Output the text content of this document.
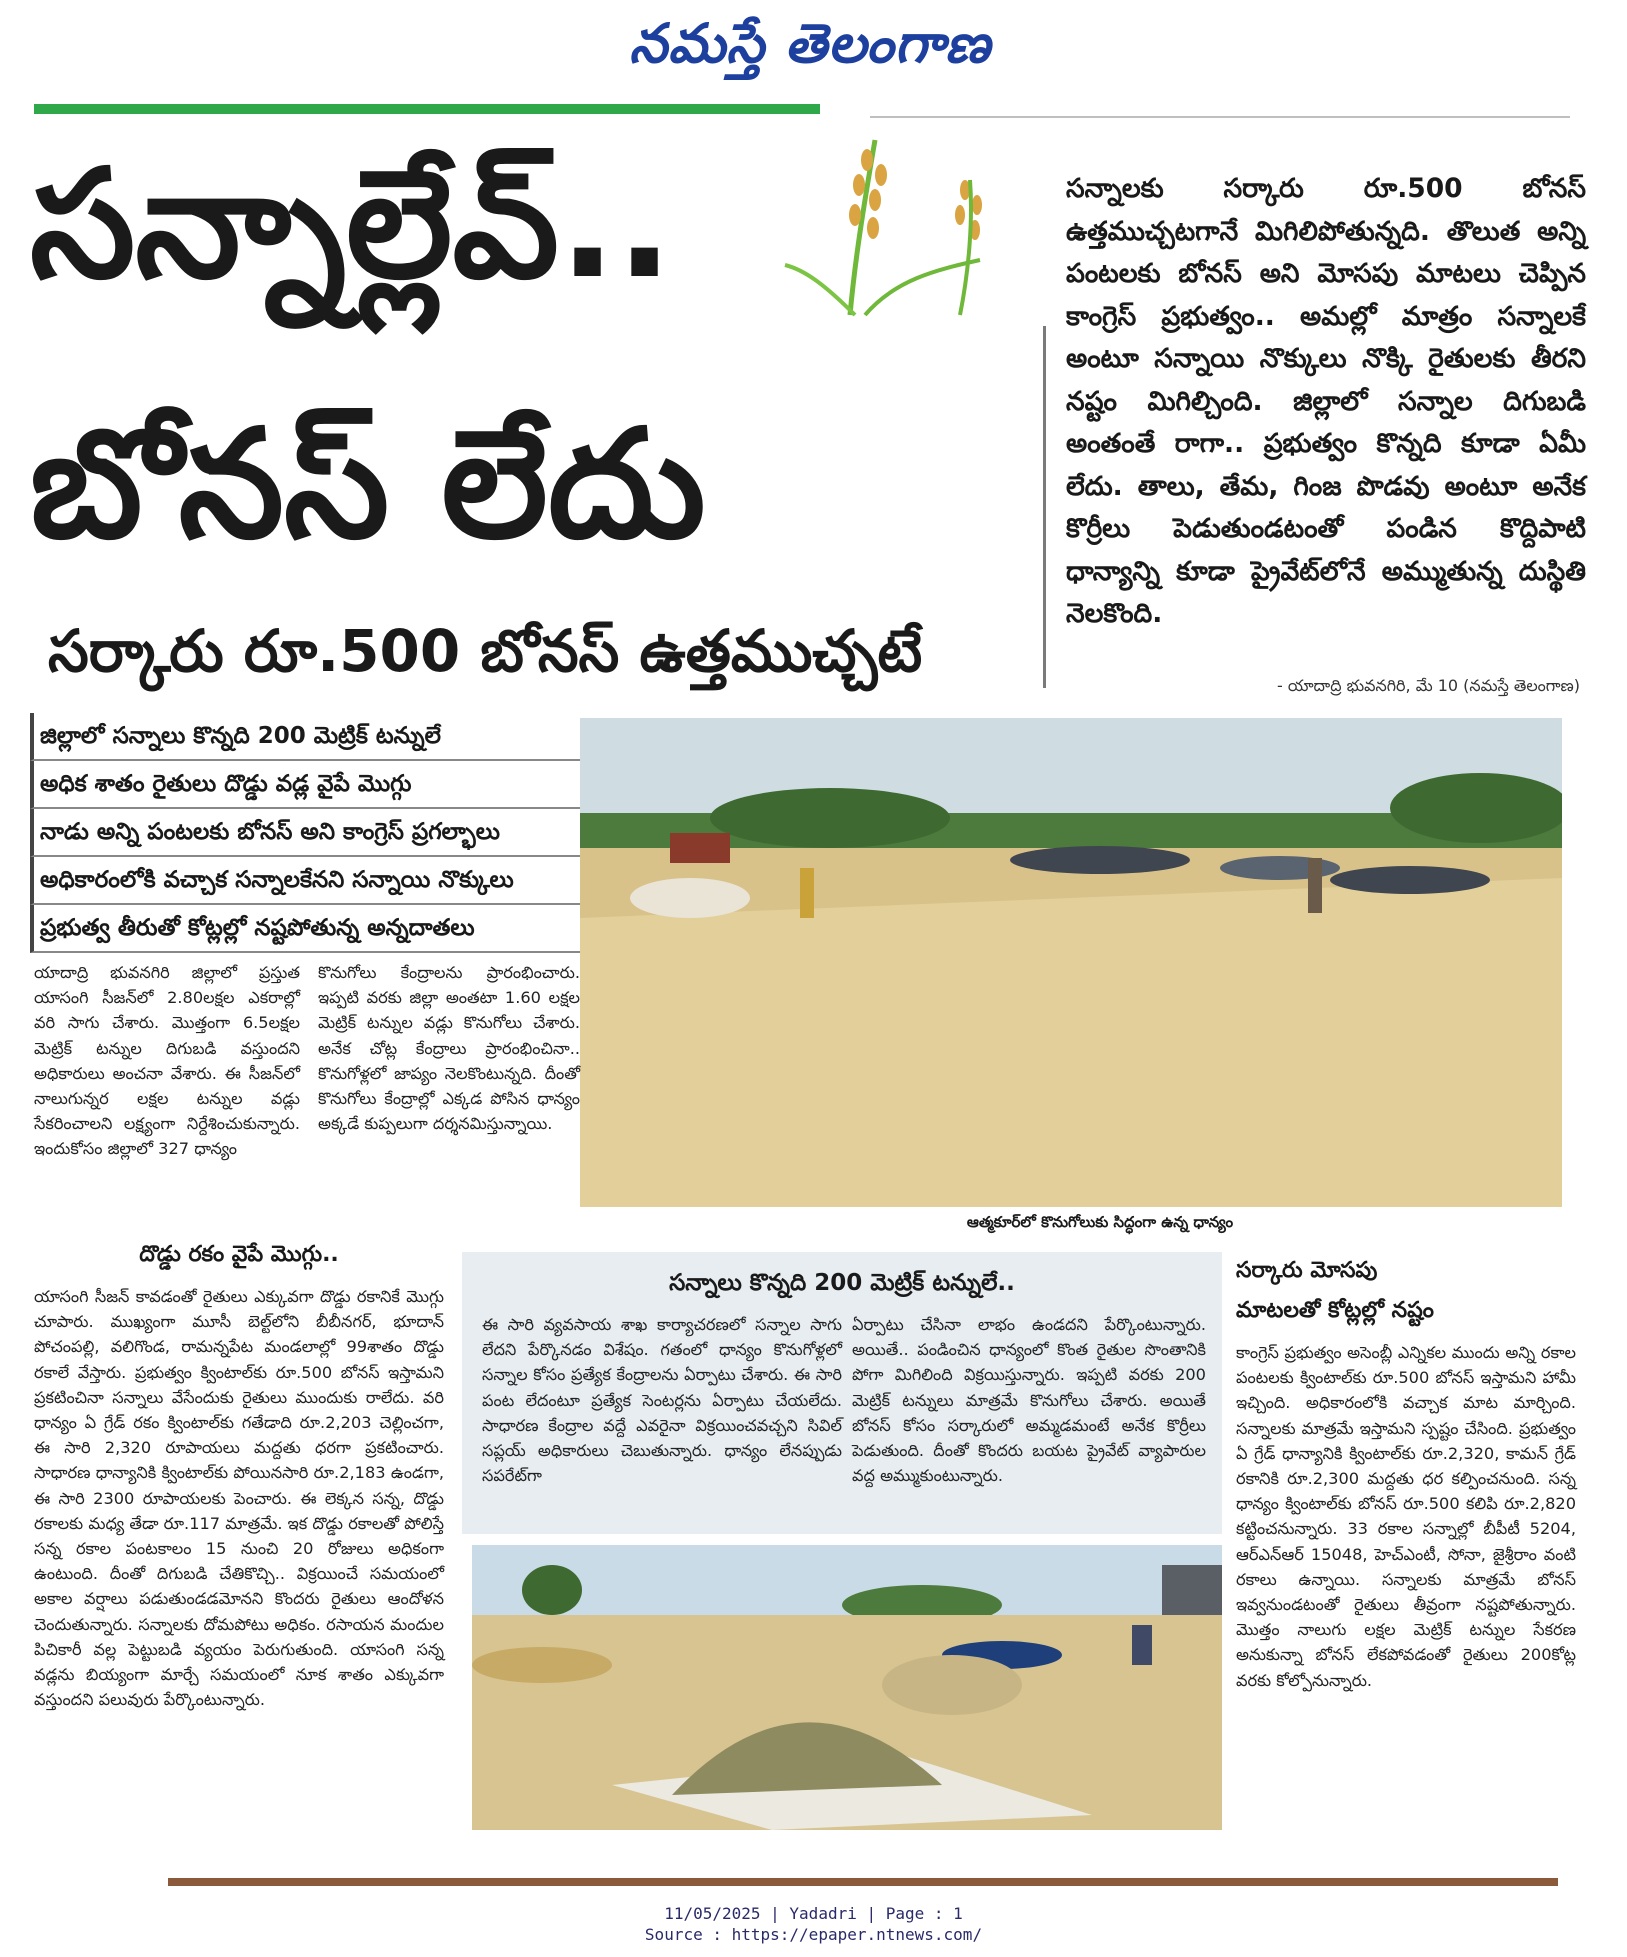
నమస్తే తెలంగాణ
సన్నాల్లేవ్..
బోనస్ లేదు
సర్కారు రూ.500 బోనస్ ఉత్తముచ్చటే

సన్నాలకు సర్కారు రూ.500 బోనస్ ఉత్తముచ్చటగానే మిగిలిపోతున్నది. తొలుత అన్ని పంటలకు బోనస్ అని మోసపు మాటలు చెప్పిన కాంగ్రెస్ ప్రభుత్వం.. అమల్లో మాత్రం సన్నాలకే అంటూ సన్నాయి నొక్కులు నొక్కి రైతులకు తీరని నష్టం మిగిల్చింది. జిల్లాలో సన్నాల దిగుబడి అంతంతే రాగా.. ప్రభుత్వం కొన్నది కూడా ఏమీ లేదు. తాలు, తేమ, గింజ పొడవు అంటూ అనేక కొర్రీలు పెడుతుండటంతో పండిన కొద్దిపాటి ధాన్యాన్ని కూడా ప్రైవేట్‌లోనే అమ్ముతున్న దుస్థితి నెలకొంది.

- యాదాద్రి భువనగిరి, మే 10 (నమస్తే తెలంగాణ)
జిల్లాలో సన్నాలు కొన్నది 200 మెట్రిక్ టన్నులే
అధిక శాతం రైతులు దొడ్డు వడ్ల వైపే మొగ్గు
నాడు అన్ని పంటలకు బోనస్ అని కాంగ్రెస్ ప్రగల్భాలు
అధికారంలోకి వచ్చాక సన్నాలకేనని సన్నాయి నొక్కులు
ప్రభుత్వ తీరుతో కోట్లల్లో నష్టపోతున్న అన్నదాతలు
ఆత్మకూర్‌లో కొనుగోలుకు సిద్ధంగా ఉన్న ధాన్యం

యాదాద్రి భువనగిరి జిల్లాలో ప్రస్తుత యాసంగి సీజన్‌లో 2.80లక్షల ఎకరాల్లో వరి సాగు చేశారు. మొత్తంగా 6.5లక్షల మెట్రిక్ టన్నుల దిగుబడి వస్తుందని అధికారులు అంచనా వేశారు. ఈ సీజన్‌లో నాలుగున్నర లక్షల టన్నుల వడ్లు సేకరించాలని లక్ష్యంగా నిర్దేశించుకున్నారు. ఇందుకోసం జిల్లాలో 327 ధాన్యం

కొనుగోలు కేంద్రాలను ప్రారంభించారు. ఇప్పటి వరకు జిల్లా అంతటా 1.60 లక్షల మెట్రిక్ టన్నుల వడ్లు కొనుగోలు చేశారు. అనేక చోట్ల కేంద్రాలు ప్రారంభించినా.. కొనుగోళ్లలో జాప్యం నెలకొంటున్నది. దీంతో కొనుగోలు కేంద్రాల్లో ఎక్కడ పోసిన ధాన్యం అక్కడే కుప్పలుగా దర్శనమిస్తున్నాయి.

దొడ్డు రకం వైపే మొగ్గు..

యాసంగి సీజన్ కావడంతో రైతులు ఎక్కువగా దొడ్డు రకానికే మొగ్గు చూపారు. ముఖ్యంగా మూసీ బెల్ట్‌లోని బీబీనగర్, భూదాన్ పోచంపల్లి, వలిగొండ, రామన్నపేట మండలాల్లో 99శాతం దొడ్డు రకాలే వేస్తారు. ప్రభుత్వం క్వింటాల్‌కు రూ.500 బోనస్ ఇస్తామని ప్రకటించినా సన్నాలు వేసేందుకు రైతులు ముందుకు రాలేదు. వరి ధాన్యం ఏ గ్రేడ్ రకం క్వింటాల్‌కు గతేడాది రూ.2,203 చెల్లించగా, ఈ సారి 2,320 రూపాయలు మద్దతు ధరగా ప్రకటించారు. సాధారణ ధాన్యానికి క్వింటాల్‌కు పోయినసారి రూ.2,183 ఉండగా, ఈ సారి 2300 రూపాయలకు పెంచారు. ఈ లెక్కన సన్న, దొడ్డు రకాలకు మధ్య తేడా రూ.117 మాత్రమే. ఇక దొడ్డు రకాలతో పోలిస్తే సన్న రకాల పంటకాలం 15 నుంచి 20 రోజులు అధికంగా ఉంటుంది. దీంతో దిగుబడి చేతికొచ్చి.. విక్రయించే సమయంలో అకాల వర్షాలు పడుతుండడమోనని కొందరు రైతులు ఆందోళన చెందుతున్నారు. సన్నాలకు దోమపోటు అధికం. రసాయన మందుల పిచికారీ వల్ల పెట్టుబడి వ్యయం పెరుగుతుంది. యాసంగి సన్న వడ్లను బియ్యంగా మార్చే సమయంలో నూక శాతం ఎక్కువగా వస్తుందని పలువురు పేర్కొంటున్నారు.

సన్నాలు కొన్నది 200 మెట్రిక్ టన్నులే..

ఈ సారి వ్యవసాయ శాఖ కార్యాచరణలో సన్నాల సాగు లేదని పేర్కొనడం విశేషం. గతంలో ధాన్యం కొనుగోళ్లలో సన్నాల కోసం ప్రత్యేక కేంద్రాలను ఏర్పాటు చేశారు. ఈ సారి పంట లేదంటూ ప్రత్యేక సెంటర్లను ఏర్పాటు చేయలేదు. సాధారణ కేంద్రాల వద్దే ఎవరైనా విక్రయించవచ్చని సివిల్ సప్లయ్ అధికారులు చెబుతున్నారు. ధాన్యం లేనప్పుడు సపరేట్‌గా

ఏర్పాటు చేసినా లాభం ఉండదని పేర్కొంటున్నారు. అయితే.. పండించిన ధాన్యంలో కొంత రైతుల సొంతానికి పోగా మిగిలింది విక్రయిస్తున్నారు. ఇప్పటి వరకు 200 మెట్రిక్ టన్నులు మాత్రమే కొనుగోలు చేశారు. అయితే బోనస్ కోసం సర్కారులో అమ్మడమంటే అనేక కొర్రీలు పెడుతుంది. దీంతో కొందరు బయట ప్రైవేట్ వ్యాపారుల వద్ద అమ్ముకుంటున్నారు.

సర్కారు మోసపు
మాటలతో కోట్లల్లో నష్టం

కాంగ్రెస్ ప్రభుత్వం అసెంబ్లీ ఎన్నికల ముందు అన్ని రకాల పంటలకు క్వింటాల్‌కు రూ.500 బోనస్ ఇస్తామని హామీ ఇచ్చింది. అధికారంలోకి వచ్చాక మాట మార్చింది. సన్నాలకు మాత్రమే ఇస్తామని స్పష్టం చేసింది. ప్రభుత్వం ఏ గ్రేడ్ ధాన్యానికి క్వింటాల్‌కు రూ.2,320, కామన్ గ్రేడ్ రకానికి రూ.2,300 మద్దతు ధర కల్పించనుంది. సన్న ధాన్యం క్వింటాల్‌కు బోనస్ రూ.500 కలిపి రూ.2,820 కట్టించనున్నారు. 33 రకాల సన్నాల్లో బీపీటీ 5204, ఆర్ఎన్ఆర్ 15048, హెచ్ఎంటీ, సోనా, జైశ్రీరాం వంటి రకాలు ఉన్నాయి. సన్నాలకు మాత్రమే బోనస్ ఇవ్వనుండటంతో రైతులు తీవ్రంగా నష్టపోతున్నారు. మొత్తం నాలుగు లక్షల మెట్రిక్ టన్నుల సేకరణ అనుకున్నా బోనస్ లేకపోవడంతో రైతులు 200కోట్ల వరకు కోల్పోనున్నారు.

11/05/2025 | Yadadri | Page : 1
Source : https://epaper.ntnews.com/
